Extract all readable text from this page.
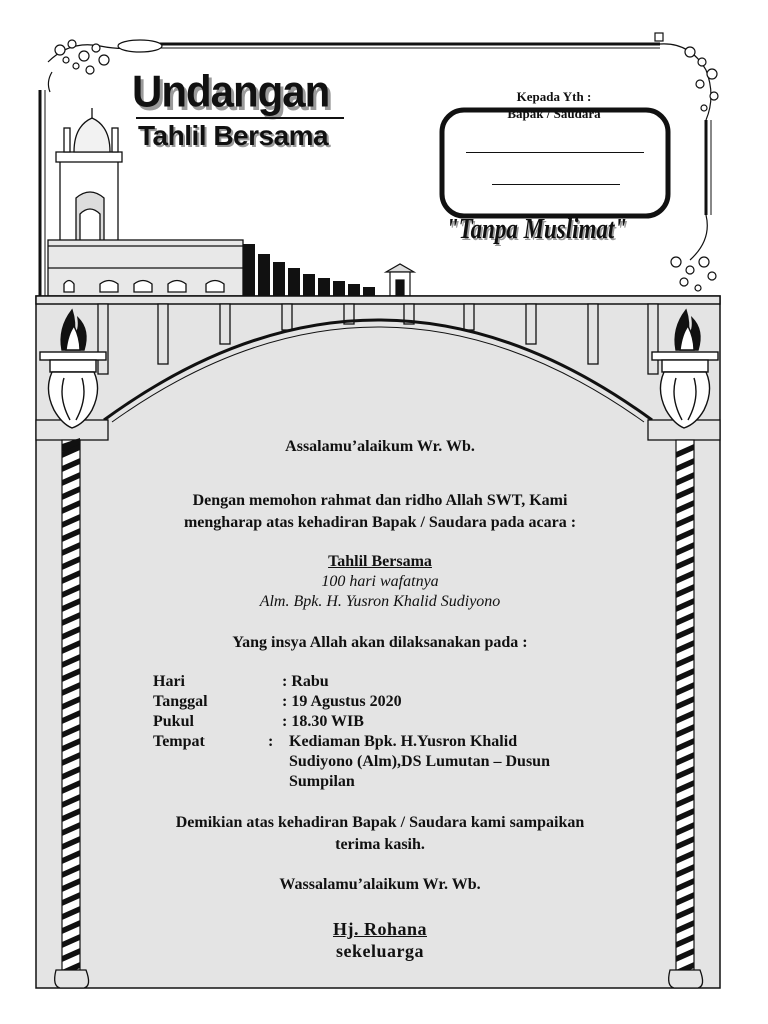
Undangan
Tahlil Bersama
Kepada Yth :
Bapak / Saudara
"Tanpa Muslimat"
Assalamu’alaikum Wr. Wb.
Dengan memohon rahmat dan ridho Allah SWT, Kami
mengharap atas kehadiran Bapak / Saudara pada acara :
Tahlil Bersama
100 hari wafatnya
Alm. Bpk. H. Yusron Khalid Sudiyono
Yang insya Allah akan dilaksanakan pada :
Hari	: Rabu
Tanggal	: 19 Agustus 2020
Pukul	: 18.30 WIB
Tempat	: Kediaman Bpk. H.Yusron Khalid
Sudiyono (Alm),DS Lumutan – Dusun
Sumpilan
Demikian atas kehadiran Bapak / Saudara kami sampaikan
terima kasih.
Wassalamu’alaikum Wr. Wb.
Hj. Rohana
sekeluarga
